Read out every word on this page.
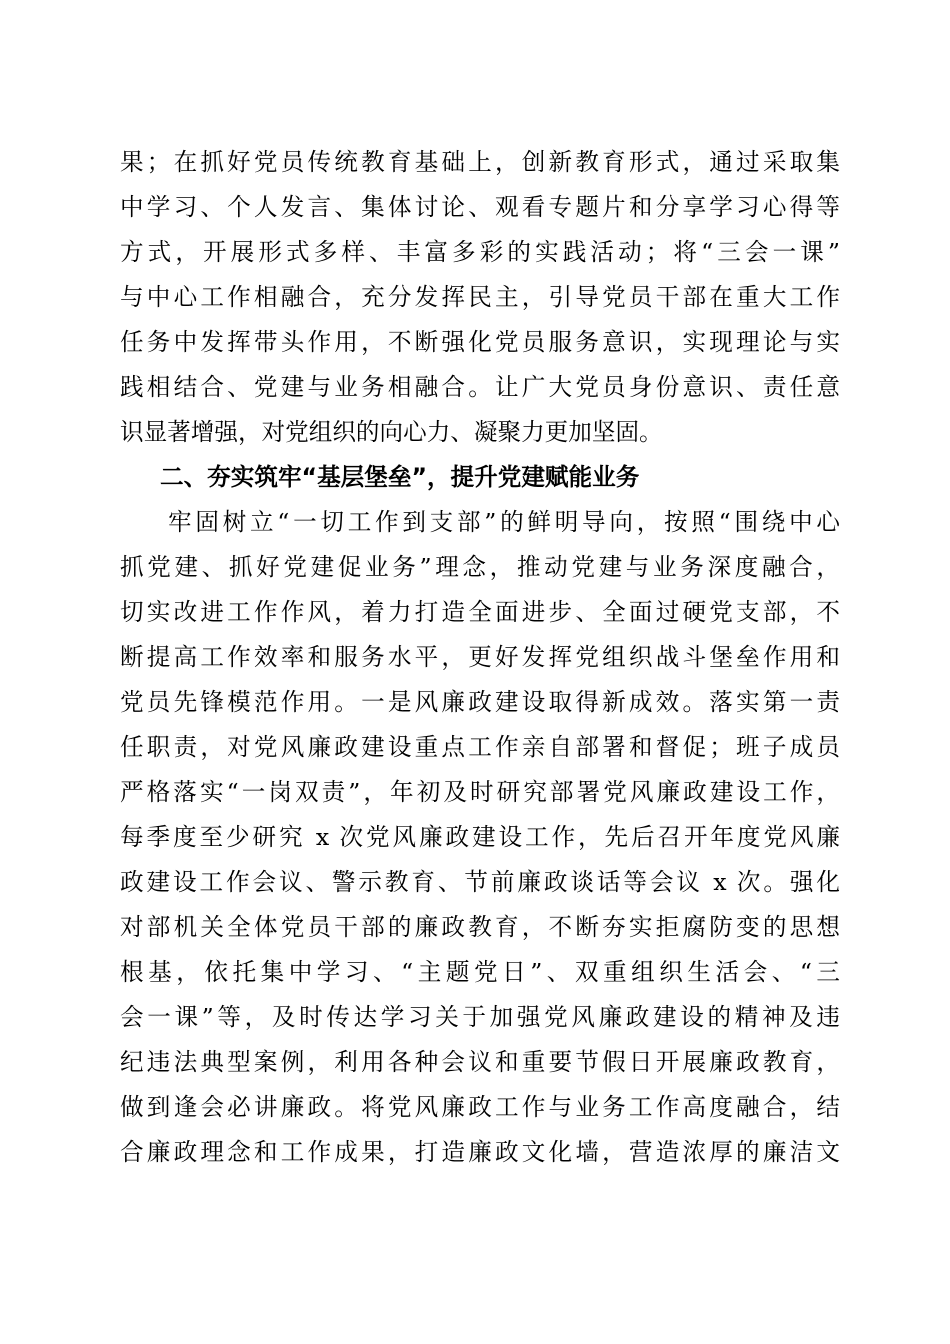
果；在抓好党员传统教育基础上，创新教育形式，通过采取集
中学习、个人发言、集体讨论、观看专题片和分享学习心得等
方式，开展形式多样、丰富多彩的实践活动；将“三会一课”
与中心工作相融合，充分发挥民主，引导党员干部在重大工作
任务中发挥带头作用，不断强化党员服务意识，实现理论与实
践相结合、党建与业务相融合。让广大党员身份意识、责任意
识显著增强，对党组织的向心力、凝聚力更加坚固。
二、夯实筑牢“基层堡垒”，提升党建赋能业务
牢固树立“一切工作到支部”的鲜明导向，按照“围绕中心
抓党建、抓好党建促业务”理念，推动党建与业务深度融合，
切实改进工作作风，着力打造全面进步、全面过硬党支部，不
断提高工作效率和服务水平，更好发挥党组织战斗堡垒作用和
党员先锋模范作用。一是风廉政建设取得新成效。落实第一责
任职责，对党风廉政建设重点工作亲自部署和督促；班子成员
严格落实“一岗双责”，年初及时研究部署党风廉政建设工作，
每季度至少研究 x 次党风廉政建设工作，先后召开年度党风廉
政建设工作会议、警示教育、节前廉政谈话等会议 x 次。强化
对部机关全体党员干部的廉政教育，不断夯实拒腐防变的思想
根基，依托集中学习、“主题党日”、双重组织生活会、“三
会一课”等，及时传达学习关于加强党风廉政建设的精神及违
纪违法典型案例，利用各种会议和重要节假日开展廉政教育，
做到逢会必讲廉政。将党风廉政工作与业务工作高度融合，结
合廉政理念和工作成果，打造廉政文化墙，营造浓厚的廉洁文
